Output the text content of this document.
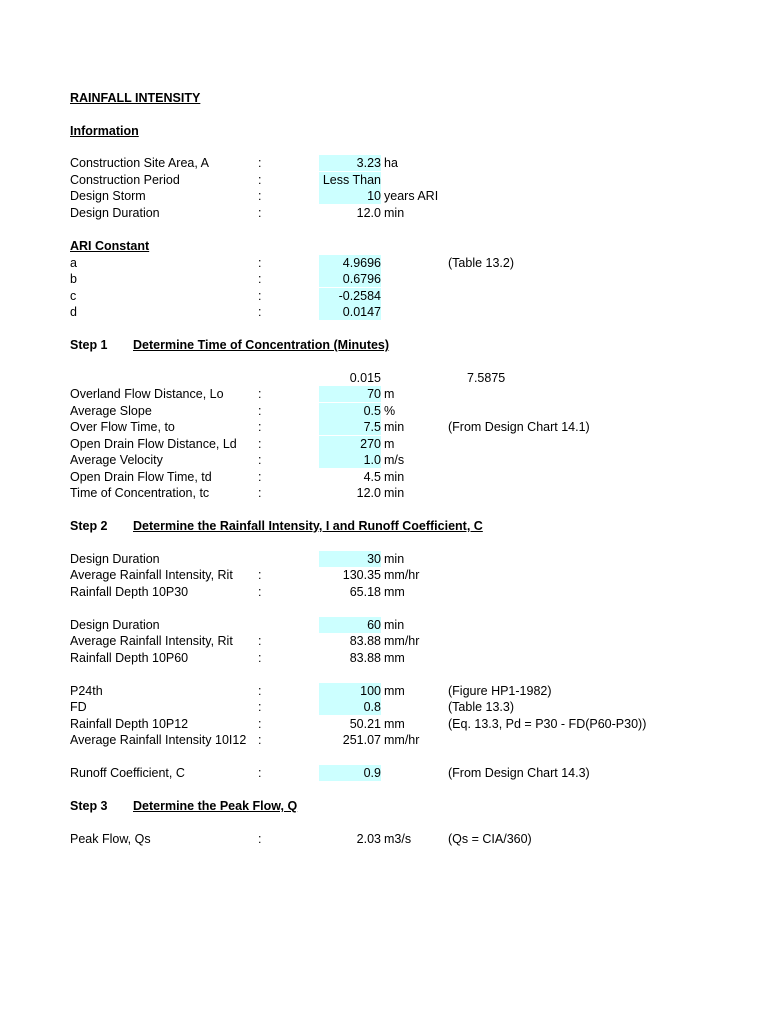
RAINFALL INTENSITY
Information
Construction Site Area, A	:	3.23 ha
Construction Period	:	Less Than
Design Storm	:	10 years ARI
Design Duration	:	12.0 min
ARI Constant
a	:	4.9696	(Table 13.2)
b	:	0.6796
c	:	-0.2584
d	:	0.0147
Step 1 Determine Time of Concentration (Minutes)
0.015	7.5875
Overland Flow Distance, Lo	:	70 m
Average Slope	:	0.5 %
Over Flow Time, to	:	7.5 min	(From Design Chart 14.1)
Open Drain Flow Distance, Ld :	270 m
Average Velocity	:	1.0 m/s
Open Drain Flow Time, td	:	4.5 min
Time of Concentration, tc	:	12.0 min
Step 2 Determine the Rainfall Intensity, I and Runoff Coefficient, C
Design Duration	30 min
Average Rainfall Intensity, Rit :	130.35 mm/hr
Rainfall Depth 10P30	:	65.18 mm
Design Duration	60 min
Average Rainfall Intensity, Rit :	83.88 mm/hr
Rainfall Depth 10P60	:	83.88 mm
P24th	:	100 mm	(Figure HP1-1982)
FD	:	0.8	(Table 13.3)
Rainfall Depth 10P12	:	50.21 mm	(Eq. 13.3, Pd = P30 - FD(P60-P30))
Average Rainfall Intensity 10I12 :	251.07 mm/hr
Runoff Coefficient, C	:	0.9	(From Design Chart 14.3)
Step 3 Determine the Peak Flow, Q
Peak Flow, Qs	:	2.03 m3/s	(Qs = CIA/360)
